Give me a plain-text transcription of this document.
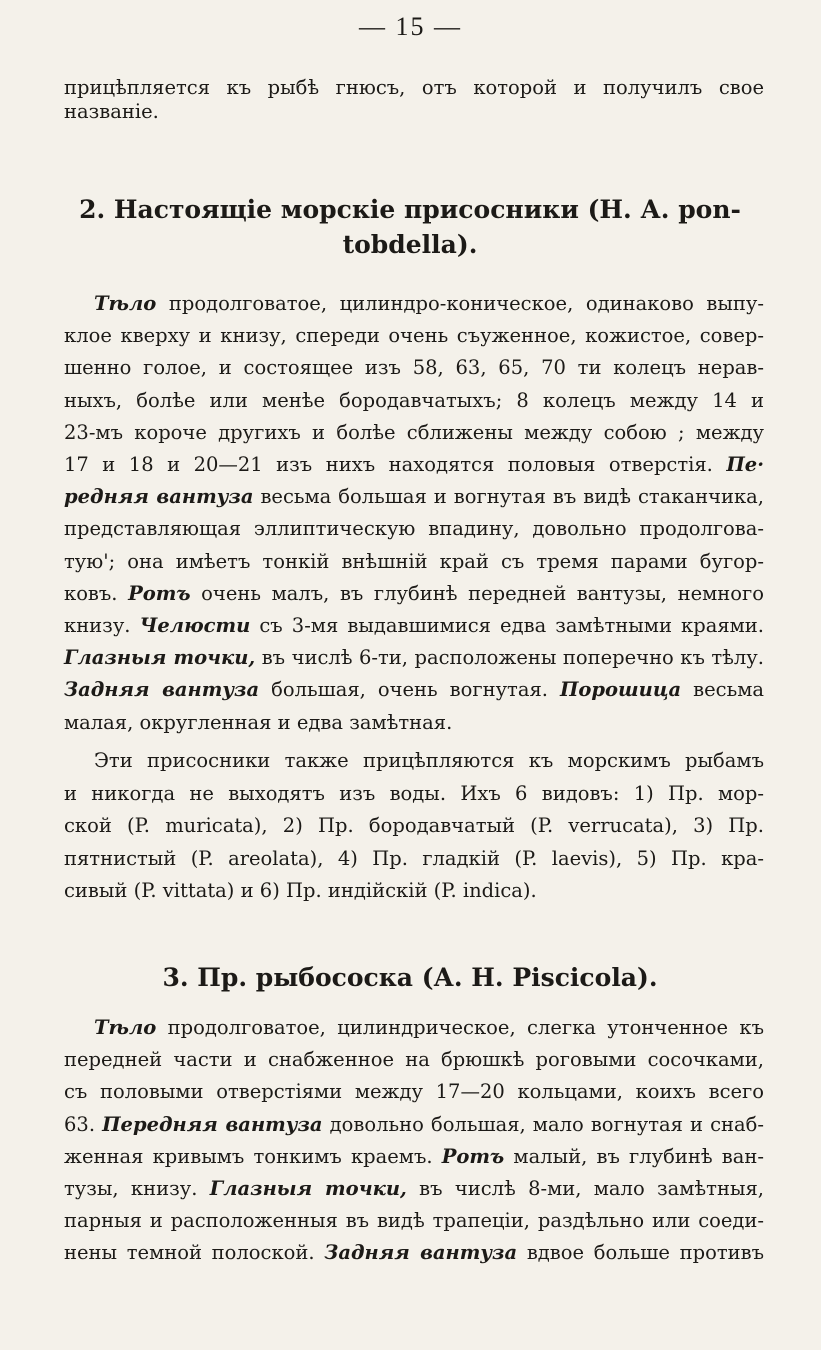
— 15 —
прицѣпляется къ рыбѣ гнюсъ, отъ которой и получилъ свое
названіе.
2. Настоящіе морскіе присосники (Н. А. pon-
tobdella).
Тѣло продолговатое, цилиндро-коническое, одинаково выпу-
клое кверху и книзу, спереди очень съуженное, кожистое, совер-
шенно голое, и состоящее изъ 58, 63, 65, 70 ти колецъ нерав-
ныхъ, болѣе или менѣе бородавчатыхъ; 8 колецъ между 14 и
23-мъ короче другихъ и болѣе сближены между собою ; между
17 и 18 и 20—21 изъ нихъ находятся половыя отверстія. Пе·
редняя вантуза весьма большая и вогнутая въ видѣ стаканчика,
представляющая эллиптическую впадину, довольно продолгова-
тую'; она имѣетъ тонкій внѣшній край съ тремя парами бугор-
ковъ. Ротъ очень малъ, въ глубинѣ передней вантузы, немного
книзу. Челюсти съ 3-мя выдавшимися едва замѣтными краями.
Глазныя точки, въ числѣ 6-ти, расположены поперечно къ тѣлу.
Задняя вантуза большая, очень вогнутая. Порошица весьма
малая, округленная и едва замѣтная.
Эти присосники также прицѣпляются къ морскимъ рыбамъ
и никогда не выходятъ изъ воды. Ихъ 6 видовъ: 1) Пр. мор-
ской (P. muricata), 2) Пр. бородавчатый (P. verrucata), 3) Пр.
пятнистый (P. areolata), 4) Пр. гладкій (P. laevis), 5) Пр. кра-
сивый (P. vittata) и 6) Пр. индійскій (P. indica).
3. Пр. рыбососка (А. Н. Piscicola).
Тѣло продолговатое, цилиндрическое, слегка утонченное къ
передней части и снабженное на брюшкѣ роговыми сосочками,
съ половыми отверстіями между 17—20 кольцами, коихъ всего
63. Передняя вантуза довольно большая, мало вогнутая и снаб-
женная кривымъ тонкимъ краемъ. Ротъ малый, въ глубинѣ ван-
тузы, книзу. Глазныя точки, въ числѣ 8-ми, мало замѣтныя,
парныя и расположенныя въ видѣ трапеціи, раздѣльно или соеди-
нены темной полоской. Задняя вантуза вдвое больше противъ
